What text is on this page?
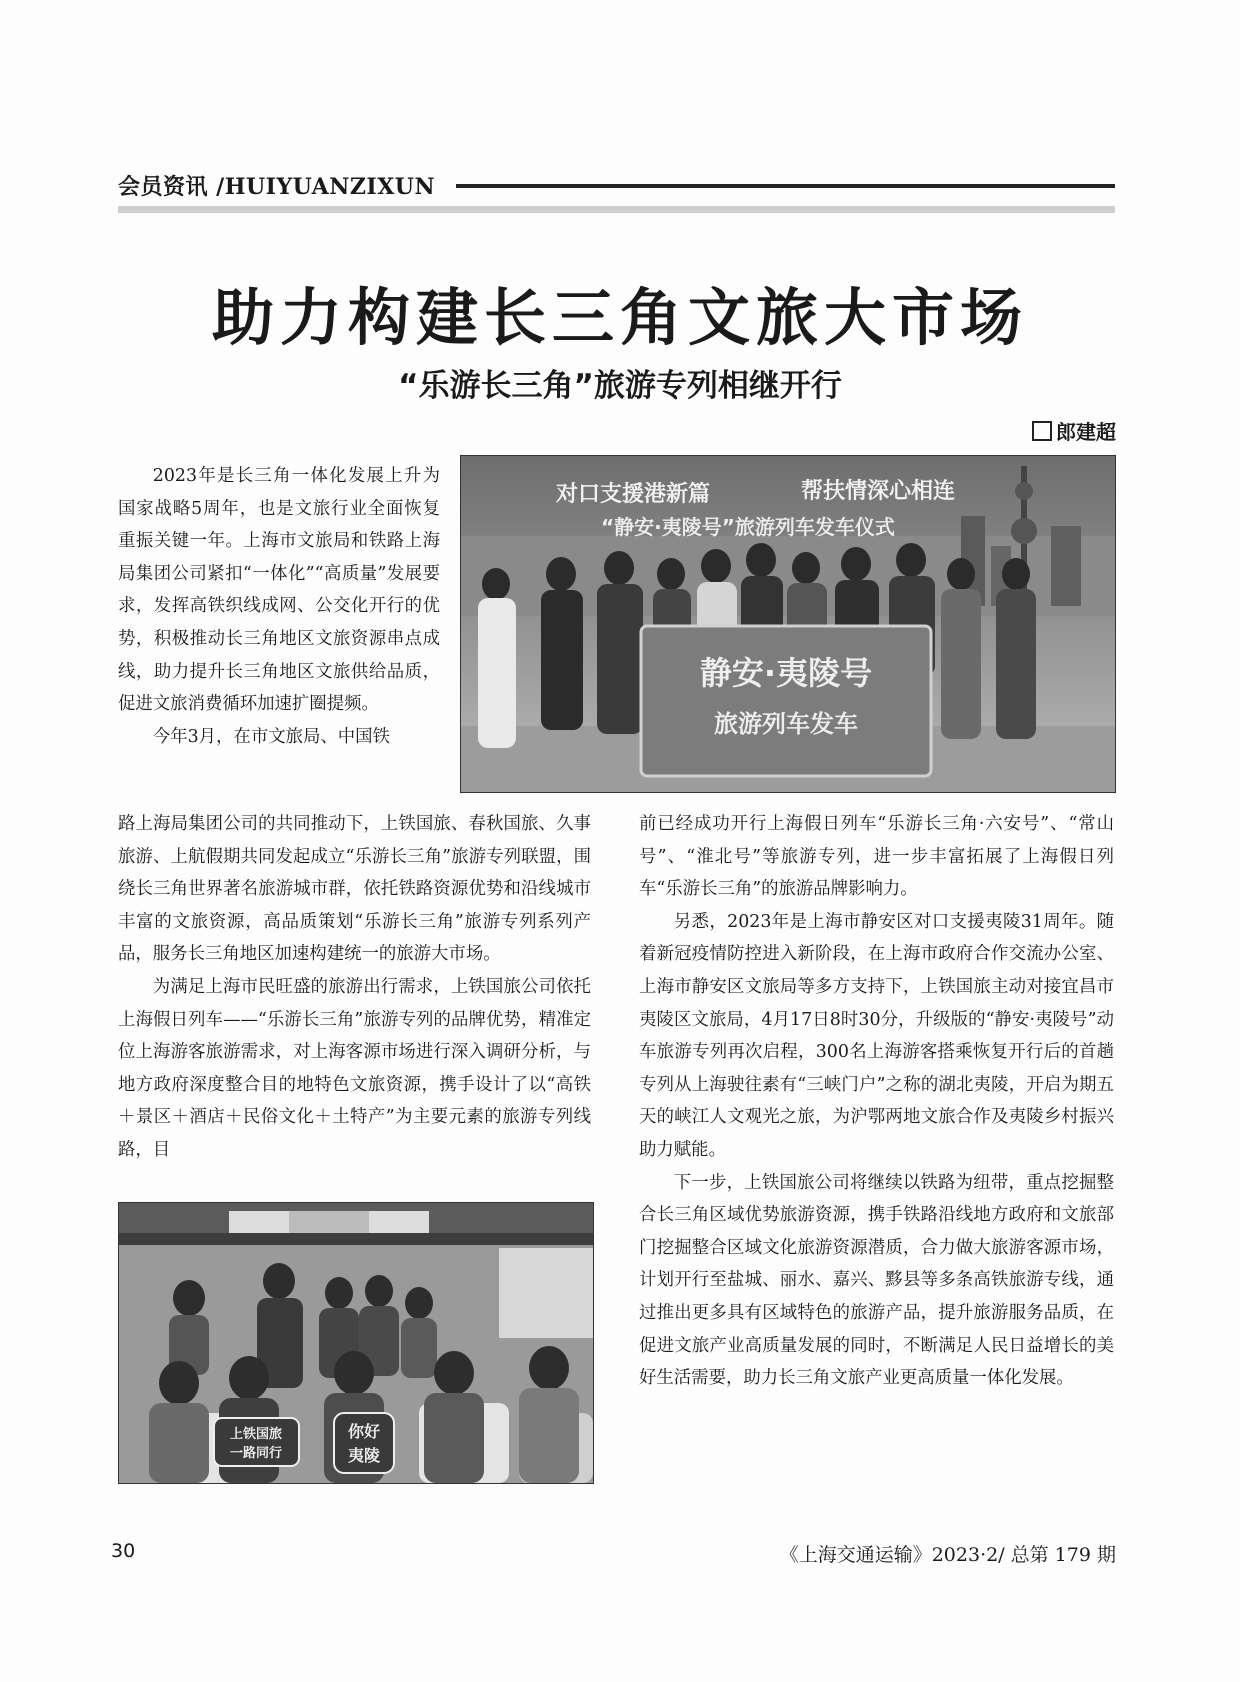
会员资讯 /HUIYUANZIXUN
助力构建长三角文旅大市场
“乐游长三角”旅游专列相继开行
郎建超

2023年是长三角一体化发展上升为国家战略5周年，也是文旅行业全面恢复重振关键一年。上海市文旅局和铁路上海局集团公司紧扣“一体化”“高质量”发展要求，发挥高铁织线成网、公交化开行的优势，积极推动长三角地区文旅资源串点成线，助力提升长三角地区文旅供给品质，促进文旅消费循环加速扩圈提频。

今年3月，在市文旅局、中国铁

对口支援港新篇	帮扶情深心相连
“静安·夷陵号”旅游列车发车仪式
静安·夷陵号
旅游列车发车

路上海局集团公司的共同推动下，上铁国旅、春秋国旅、久事旅游、上航假期共同发起成立“乐游长三角”旅游专列联盟，围绕长三角世界著名旅游城市群，依托铁路资源优势和沿线城市丰富的文旅资源，高品质策划“乐游长三角”旅游专列系列产品，服务长三角地区加速构建统一的旅游大市场。

为满足上海市民旺盛的旅游出行需求，上铁国旅公司依托上海假日列车——“乐游长三角”旅游专列的品牌优势，精准定位上海游客旅游需求，对上海客源市场进行深入调研分析，与地方政府深度整合目的地特色文旅资源，携手设计了以“高铁＋景区＋酒店＋民俗文化＋土特产”为主要元素的旅游专列线路，目

上铁国旅
一路同行
你好
夷陵

前已经成功开行上海假日列车“乐游长三角·六安号”、“常山号”、“淮北号”等旅游专列，进一步丰富拓展了上海假日列车“乐游长三角”的旅游品牌影响力。

另悉，2023年是上海市静安区对口支援夷陵31周年。随着新冠疫情防控进入新阶段，在上海市政府合作交流办公室、上海市静安区文旅局等多方支持下，上铁国旅主动对接宜昌市夷陵区文旅局，4月17日8时30分，升级版的“静安·夷陵号”动车旅游专列再次启程，300名上海游客搭乘恢复开行后的首趟专列从上海驶往素有“三峡门户”之称的湖北夷陵，开启为期五天的峡江人文观光之旅，为沪鄂两地文旅合作及夷陵乡村振兴助力赋能。

下一步，上铁国旅公司将继续以铁路为纽带，重点挖掘整合长三角区域优势旅游资源，携手铁路沿线地方政府和文旅部门挖掘整合区域文化旅游资源潜质，合力做大旅游客源市场，计划开行至盐城、丽水、嘉兴、黟县等多条高铁旅游专线，通过推出更多具有区域特色的旅游产品，提升旅游服务品质，在促进文旅产业高质量发展的同时，不断满足人民日益增长的美好生活需要，助力长三角文旅产业更高质量一体化发展。

30	《上海交通运输》2023·2/ 总第 179 期
